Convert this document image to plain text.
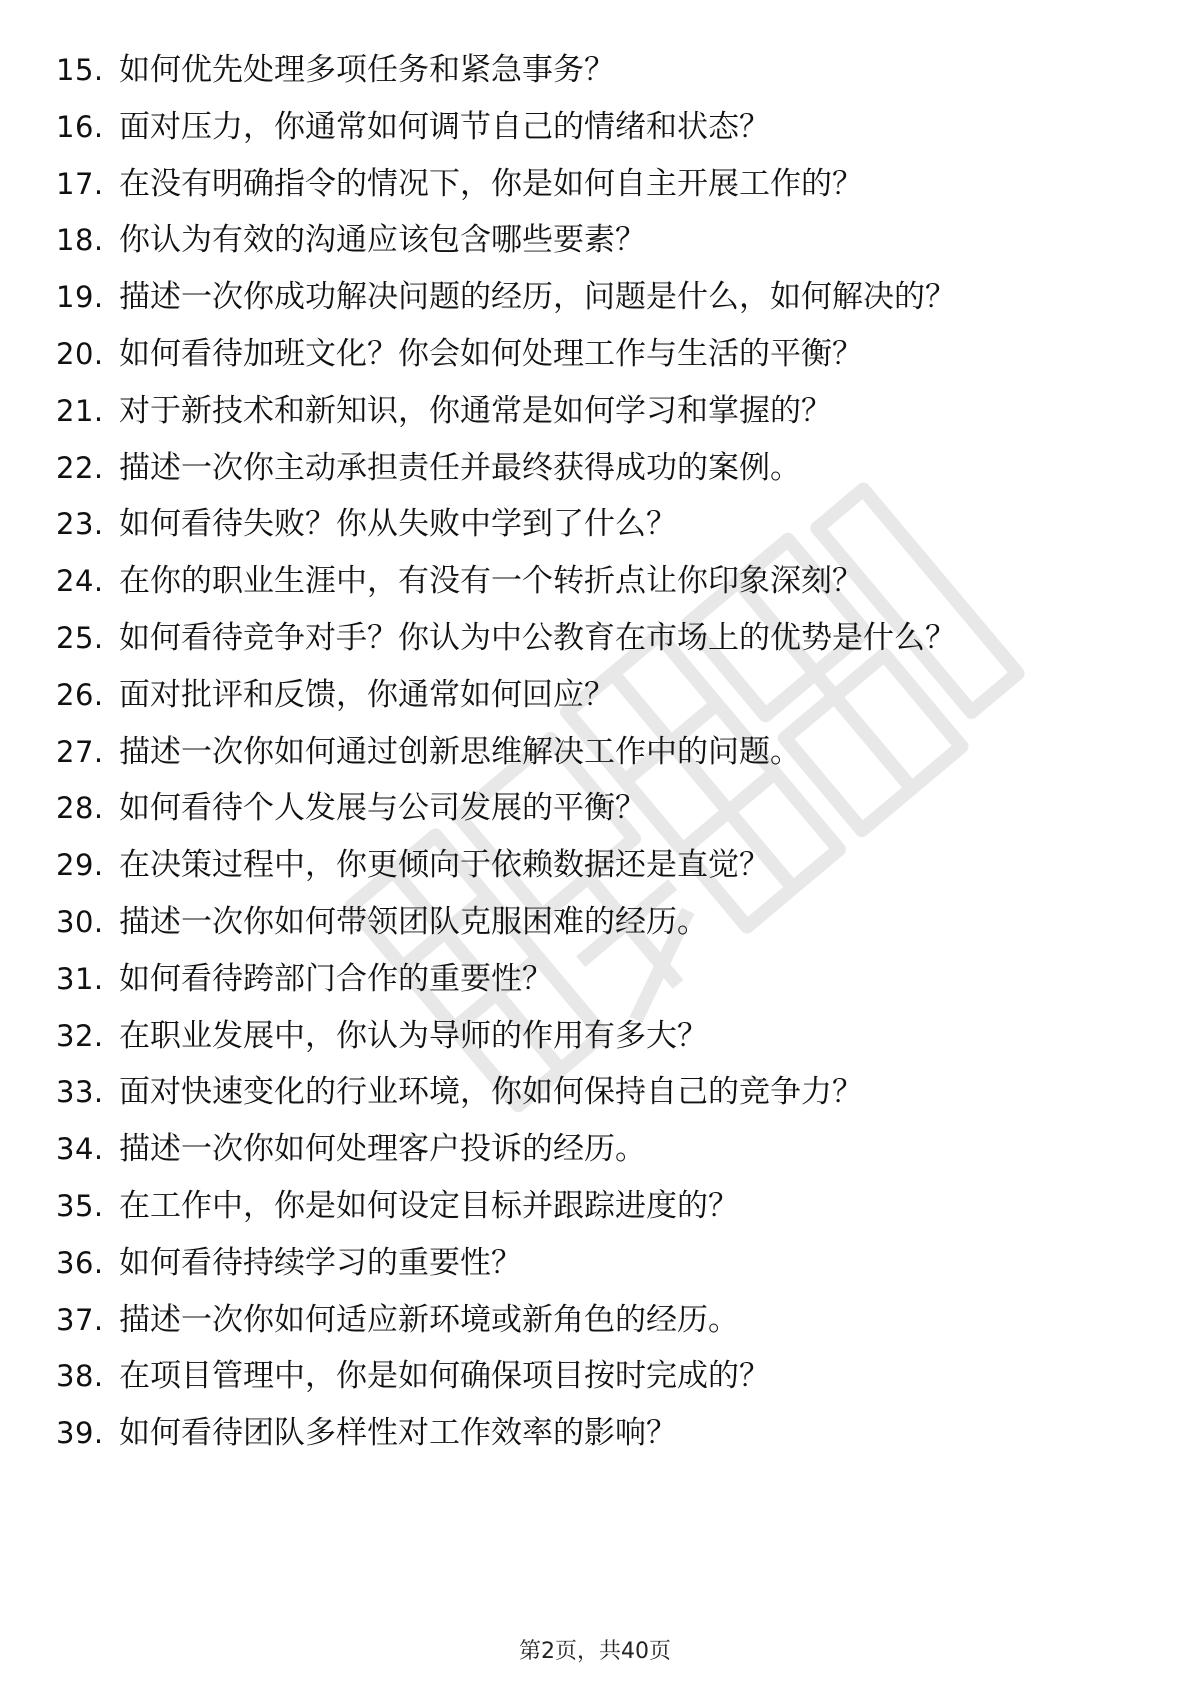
15. 如何优先处理多项任务和紧急事务？
16. 面对压力，你通常如何调节自己的情绪和状态？
17. 在没有明确指令的情况下，你是如何自主开展工作的？
18. 你认为有效的沟通应该包含哪些要素？
19. 描述一次你成功解决问题的经历，问题是什么，如何解决的？
20. 如何看待加班文化？你会如何处理工作与生活的平衡？
21. 对于新技术和新知识，你通常是如何学习和掌握的？
22. 描述一次你主动承担责任并最终获得成功的案例。
23. 如何看待失败？你从失败中学到了什么？
24. 在你的职业生涯中，有没有一个转折点让你印象深刻？
25. 如何看待竞争对手？你认为中公教育在市场上的优势是什么？
26. 面对批评和反馈，你通常如何回应？
27. 描述一次你如何通过创新思维解决工作中的问题。
28. 如何看待个人发展与公司发展的平衡？
29. 在决策过程中，你更倾向于依赖数据还是直觉？
30. 描述一次你如何带领团队克服困难的经历。
31. 如何看待跨部门合作的重要性？
32. 在职业发展中，你认为导师的作用有多大？
33. 面对快速变化的行业环境，你如何保持自己的竞争力？
34. 描述一次你如何处理客户投诉的经历。
35. 在工作中，你是如何设定目标并跟踪进度的？
36. 如何看待持续学习的重要性？
37. 描述一次你如何适应新环境或新角色的经历。
38. 在项目管理中，你是如何确保项目按时完成的？
39. 如何看待团队多样性对工作效率的影响？
第2页，共40页
